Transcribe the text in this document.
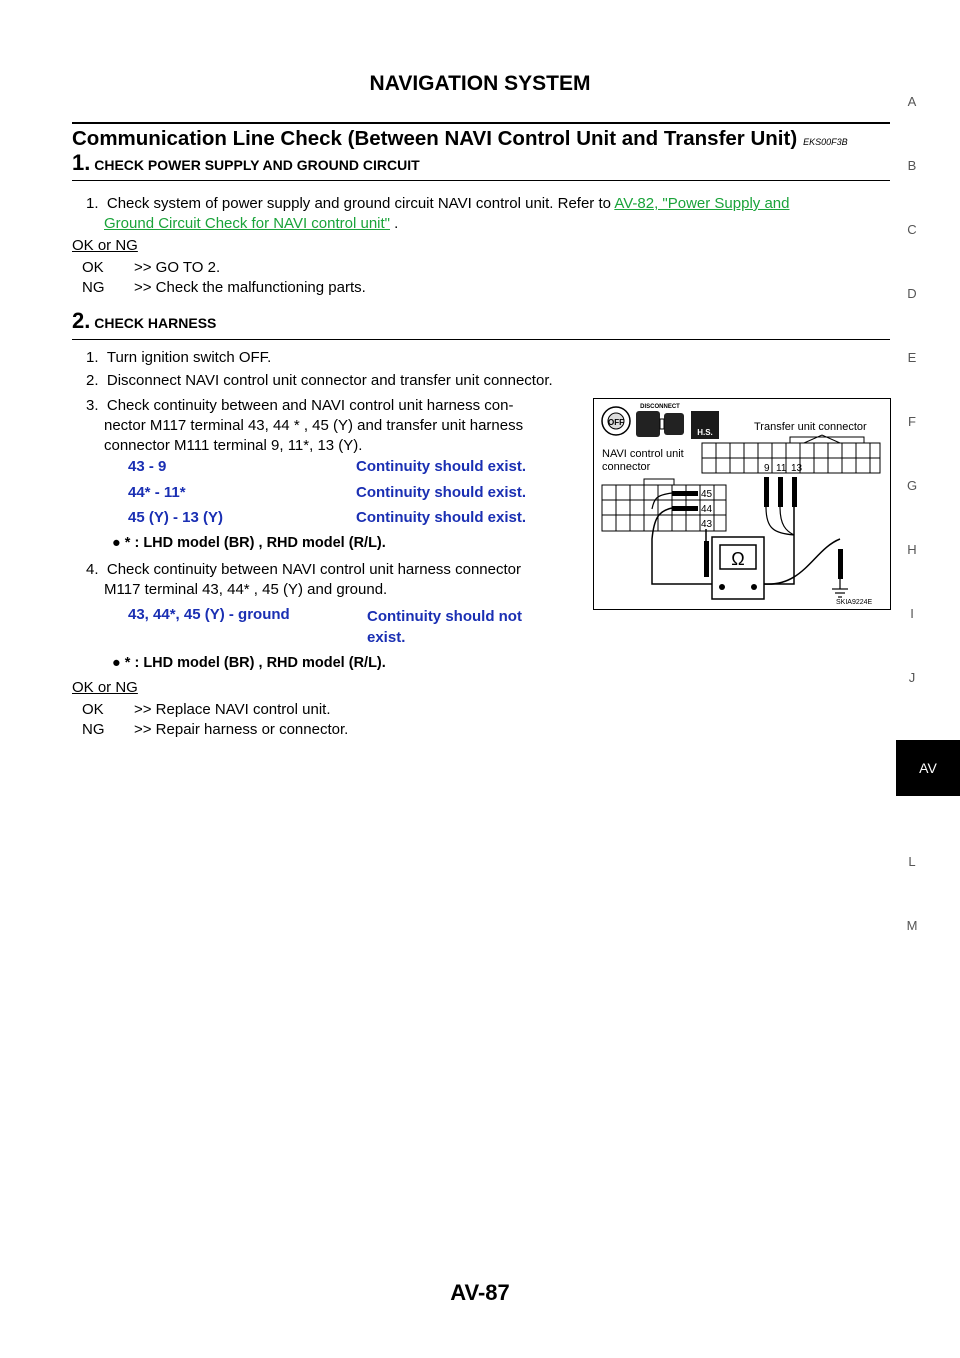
NAVIGATION SYSTEM
Communication Line Check (Between NAVI Control Unit and Transfer Unit) EKS00F3B
1. CHECK POWER SUPPLY AND GROUND CIRCUIT
1. Check system of power supply and ground circuit NAVI control unit. Refer to AV-82, "Power Supply and
Ground Circuit Check for NAVI control unit" .
OK or NG
OK >> GO TO 2.
NG >> Check the malfunctioning parts.
2. CHECK HARNESS
1. Turn ignition switch OFF.
2. Disconnect NAVI control unit connector and transfer unit connector.
3. Check continuity between and NAVI control unit harness con-
nector M117 terminal 43, 44 * , 45 (Y) and transfer unit harness
connector M111 terminal 9, 11*, 13 (Y).
43 - 9	Continuity should exist.
44* - 11*	Continuity should exist.
45 (Y) - 13 (Y)	Continuity should exist.
● * : LHD model (BR) , RHD model (R/L).
4. Check continuity between NAVI control unit harness connector
M117 terminal 43, 44* , 45 (Y) and ground.
43, 44*, 45 (Y) - ground	Continuity should not
exist.
● * : LHD model (BR) , RHD model (R/L).
OK or NG
OK >> Replace NAVI control unit.
NG >> Repair harness or connector.
OFF
DISCONNECT
H.S.	Transfer unit connector
NAVI control unit
connector	9 11 13
45
44
43
Ω
SKIA9224E
A
B
C
D
E
F
G
H
I
J
AV
L
M
AV-87
